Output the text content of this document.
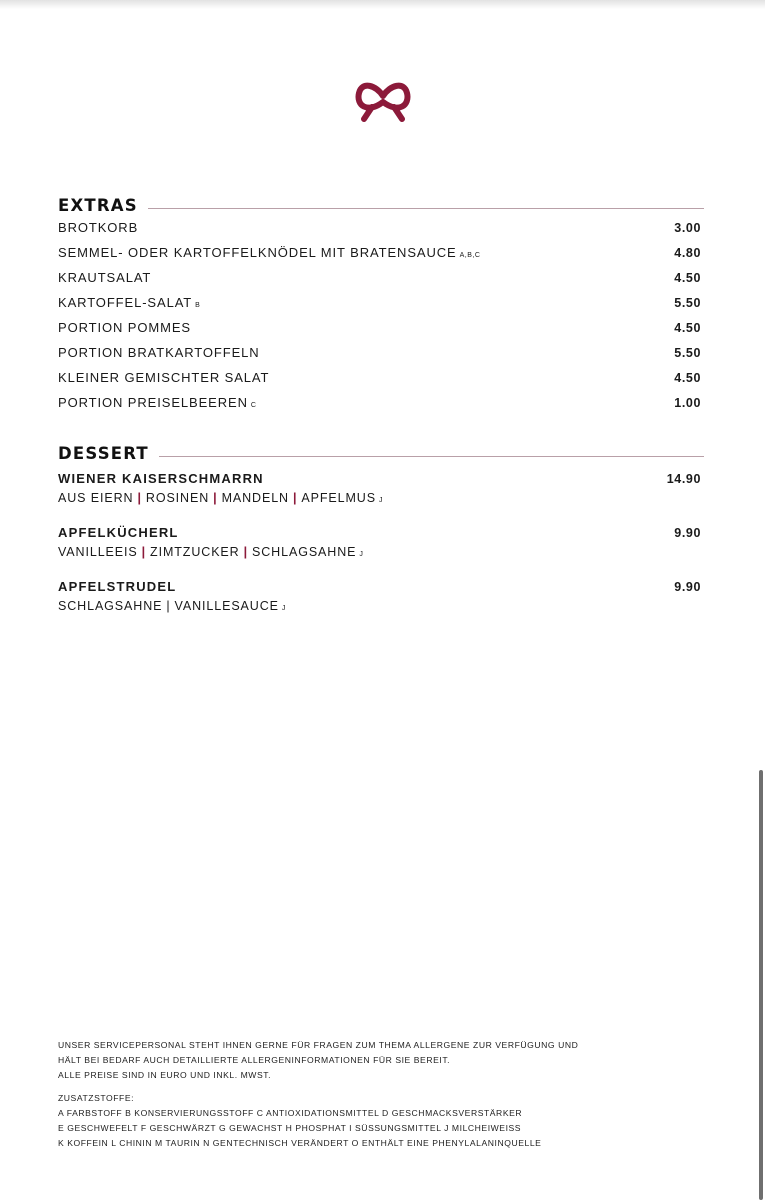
EXTRAS
BROTKORB	3.00
SEMMEL- ODER KARTOFFELKNÖDEL MIT BRATENSAUCE A,B,C	4.80
KRAUTSALAT	4.50
KARTOFFEL-SALAT B	5.50
PORTION POMMES	4.50
PORTION BRATKARTOFFELN	5.50
KLEINER GEMISCHTER SALAT	4.50
PORTION PREISELBEEREN C	1.00
DESSERT
WIENER KAISERSCHMARRN	14.90
AUS EIERN | ROSINEN | MANDELN | APFELMUS J
APFELKÜCHERL	9.90
VANILLEEIS | ZIMTZUCKER | SCHLAGSAHNE J
APFELSTRUDEL	9.90
SCHLAGSAHNE | VANILLESAUCE J
UNSER SERVICEPERSONAL STEHT IHNEN GERNE FÜR FRAGEN ZUM THEMA ALLERGENE ZUR VERFÜGUNG UND
HÄLT BEI BEDARF AUCH DETAILLIERTE ALLERGENINFORMATIONEN FÜR SIE BEREIT.
ALLE PREISE SIND IN EURO UND INKL. MWST.
ZUSATZSTOFFE:
A FARBSTOFF B KONSERVIERUNGSSTOFF C ANTIOXIDATIONSMITTEL D GESCHMACKSVERSTÄRKER
E GESCHWEFELT F GESCHWÄRZT G GEWACHST H PHOSPHAT I SÜSSUNGSMITTEL J MILCHEIWEISS
K KOFFEIN L CHININ M TAURIN N GENTECHNISCH VERÄNDERT O ENTHÄLT EINE PHENYLALANINQUELLE
